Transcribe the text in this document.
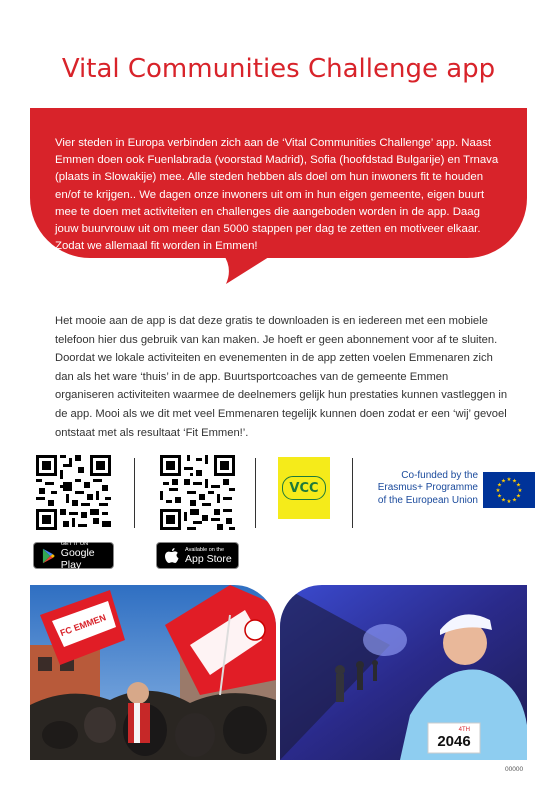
Vital Communities Challenge app
Vier steden in Europa verbinden zich aan de ‘Vital Communities Challenge’ app. Naast Emmen doen ook Fuenlabrada (voorstad Madrid), Sofia (hoofdstad Bulgarije) en Trnava (plaats in Slowakije) mee. Alle steden hebben als doel om hun inwoners fit te houden en/of te krijgen.. We dagen onze inwoners uit om in hun eigen gemeente, eigen buurt mee te doen met activiteiten en challenges die aangeboden worden in de app. Daag jouw buurvrouw uit om meer dan 5000 stappen per dag te zetten en motiveer elkaar. Zodat we allemaal fit worden in Emmen!
Het mooie aan de app is dat deze gratis te downloaden is en iedereen met een mobiele telefoon hier dus gebruik van kan maken. Je hoeft er geen abonnement voor af te sluiten. Doordat we lokale activiteiten en evenementen in de app zetten voelen Emmenaren zich dan als het ware ‘thuis’ in de app. Buurtsportcoaches van de gemeente Emmen organiseren activiteiten waarmee de deelnemers gelijk hun prestaties kunnen vastleggen in de app. Mooi als we dit met veel Emmenaren tegelijk kunnen doen zodat er een ‘wij’ gevoel ontstaat met als resultaat ‘Fit Emmen!’.
VCC
Co-funded by the
Erasmus+ Programme
of the European Union
★ ★
★
★
★
★
★
★
★
★
★
★
GET IT ON
Google Play
Available on the
App Store
FC EMMEN
4TH
2046
00000
